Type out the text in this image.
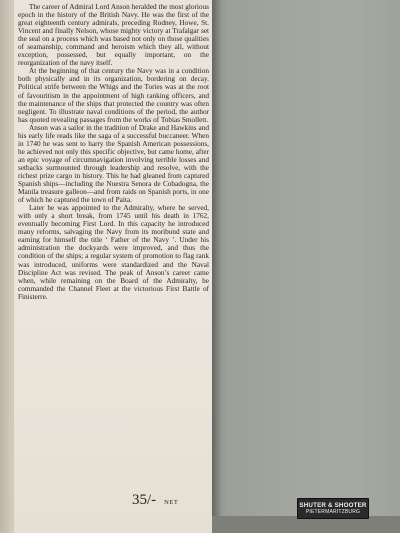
The career of Admiral Lord Anson heralded the most glorious epoch in the history of the British Navy. He was the first of the great eighteenth century admirals, preceding Rodney, Howe, St. Vincent and finally Nelson, whose mighty victory at Trafalgar set the seal on a process which was based not only on those qualities of seamanship, command and heroism which they all, without exception, possessed, but equally important, on the reorganization of the navy itself.

At the beginning of that century the Navy was in a condition both physically and in its organization, bordering on decay. Political strife between the Whigs and the Tories was at the root of favouritism in the appointment of high ranking officers, and the maintenance of the ships that protected the country was often negligent. To illustrate naval conditions of the period, the author has quoted revealing passages from the works of Tobias Smollett.

Anson was a sailor in the tradition of Drake and Hawkins and his early life reads like the saga of a successful buccaneer. When in 1740 he was sent to harry the Spanish American possessions, he achieved not only this specific objective, but came home, after an epic voyage of circumnavigation involving terrible losses and setbacks surmounted through leadership and resolve, with the richest prize cargo in history. This he had gleaned from captured Spanish ships—including the Nuestra Senora de Cobadogna, the Manila treasure galleon—and from raids on Spanish ports, in one of which he captured the town of Paita.

Later he was appointed to the Admiralty, where he served, with only a short break, from 1745 until his death in 1762, eventually becoming First Lord. In this capacity he introduced many reforms, salvaging the Navy from its moribund state and earning for himself the title ‘ Father of the Navy ’. Under his administration the dockyards were improved, and thus the condition of the ships; a regular system of promotion to flag rank was introduced, uniforms were standardized and the Naval Discipline Act was revised. The peak of Anson’s career came when, while remaining on the Board of the Admiralty, he commanded the Channel Fleet at the victorious First Battle of Finisterre.

35/- NET	SHUTER & SHOOTER
PIETERMARITZBURG
